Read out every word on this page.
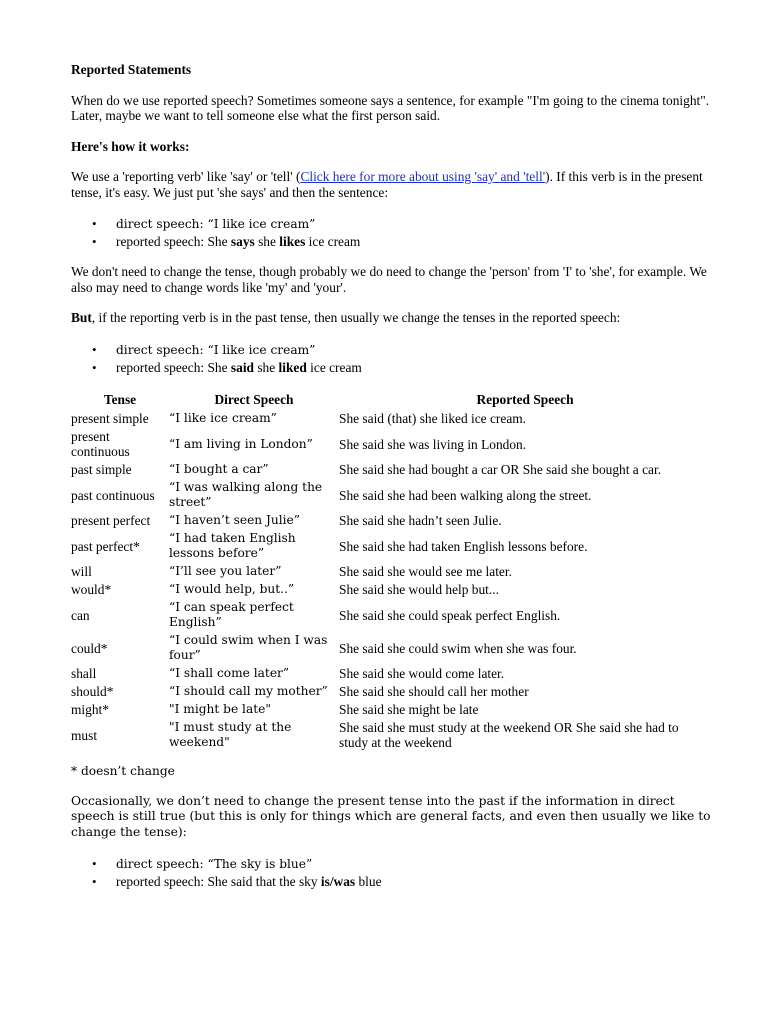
Reported Statements

When do we use reported speech? Sometimes someone says a sentence, for example "I'm going to the cinema tonight". Later, maybe we want to tell someone else what the first person said.

Here's how it works:

We use a 'reporting verb' like 'say' or 'tell' (Click here for more about using 'say' and 'tell'). If this verb is in the present tense, it's easy. We just put 'she says' and then the sentence:

• direct speech: “I like ice cream”
• reported speech: She says she likes ice cream

We don't need to change the tense, though probably we do need to change the 'person' from 'I' to 'she', for example. We also may need to change words like 'my' and 'your'.

But, if the reporting verb is in the past tense, then usually we change the tenses in the reported speech:

• direct speech: “I like ice cream”
• reported speech: She said she liked ice cream
Tense	Direct Speech	Reported Speech
present simple	“I like ice cream”	She said (that) she liked ice cream.
present continuous	“I am living in London”	She said she was living in London.
past simple	“I bought a car”	She said she had bought a car OR She said she bought a car.
past continuous	“I was walking along the street”	She said she had been walking along the street.
present perfect	“I haven’t seen Julie”	She said she hadn’t seen Julie.
past perfect*	“I had taken English lessons before”	She said she had taken English lessons before.
will	“I’ll see you later”	She said she would see me later.
would*	“I would help, but..”	She said she would help but...
can	“I can speak perfect English”	She said she could speak perfect English.
could*	“I could swim when I was four”	She said she could swim when she was four.
shall	“I shall come later”	She said she would come later.
should*	“I should call my mother”	She said she should call her mother
might*	"I might be late"	She said she might be late
must	"I must study at the weekend"	She said she must study at the weekend OR She said she had to study at the weekend
* doesn’t change

Occasionally, we don’t need to change the present tense into the past if the information in direct speech is still true (but this is only for things which are general facts, and even then usually we like to change the tense):

• direct speech: “The sky is blue”
• reported speech: She said that the sky is/was blue
